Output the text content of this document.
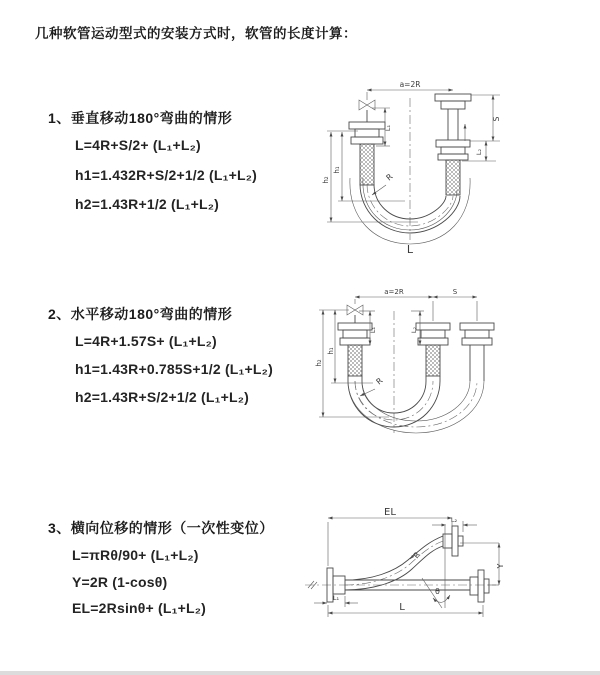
几种软管运动型式的安装方式时，软管的长度计算：
1、垂直移动180°弯曲的情形
L=4R+S/2+ (L₁+L₂)
h1=1.432R+S/2+1/2 (L₁+L₂)
h2=1.43R+1/2 (L₁+L₂)
2、水平移动180°弯曲的情形
L=4R+1.57S+ (L₁+L₂)
h1=1.43R+0.785S+1/2 (L₁+L₂)
h2=1.43R+S/2+1/2 (L₁+L₂)
3、横向位移的情形（一次性变位）
L=πRθ/90+ (L₁+L₂)
Y=2R (1-cosθ)
EL=2Rsinθ+ (L₁+L₂)
a=2R
h₁
h₂
L₁
S
L₂
R
L
a=2R	S
h₁
h₂
L₁	L₂
R
EL
L₂
θ
Y
R
L₁
L
